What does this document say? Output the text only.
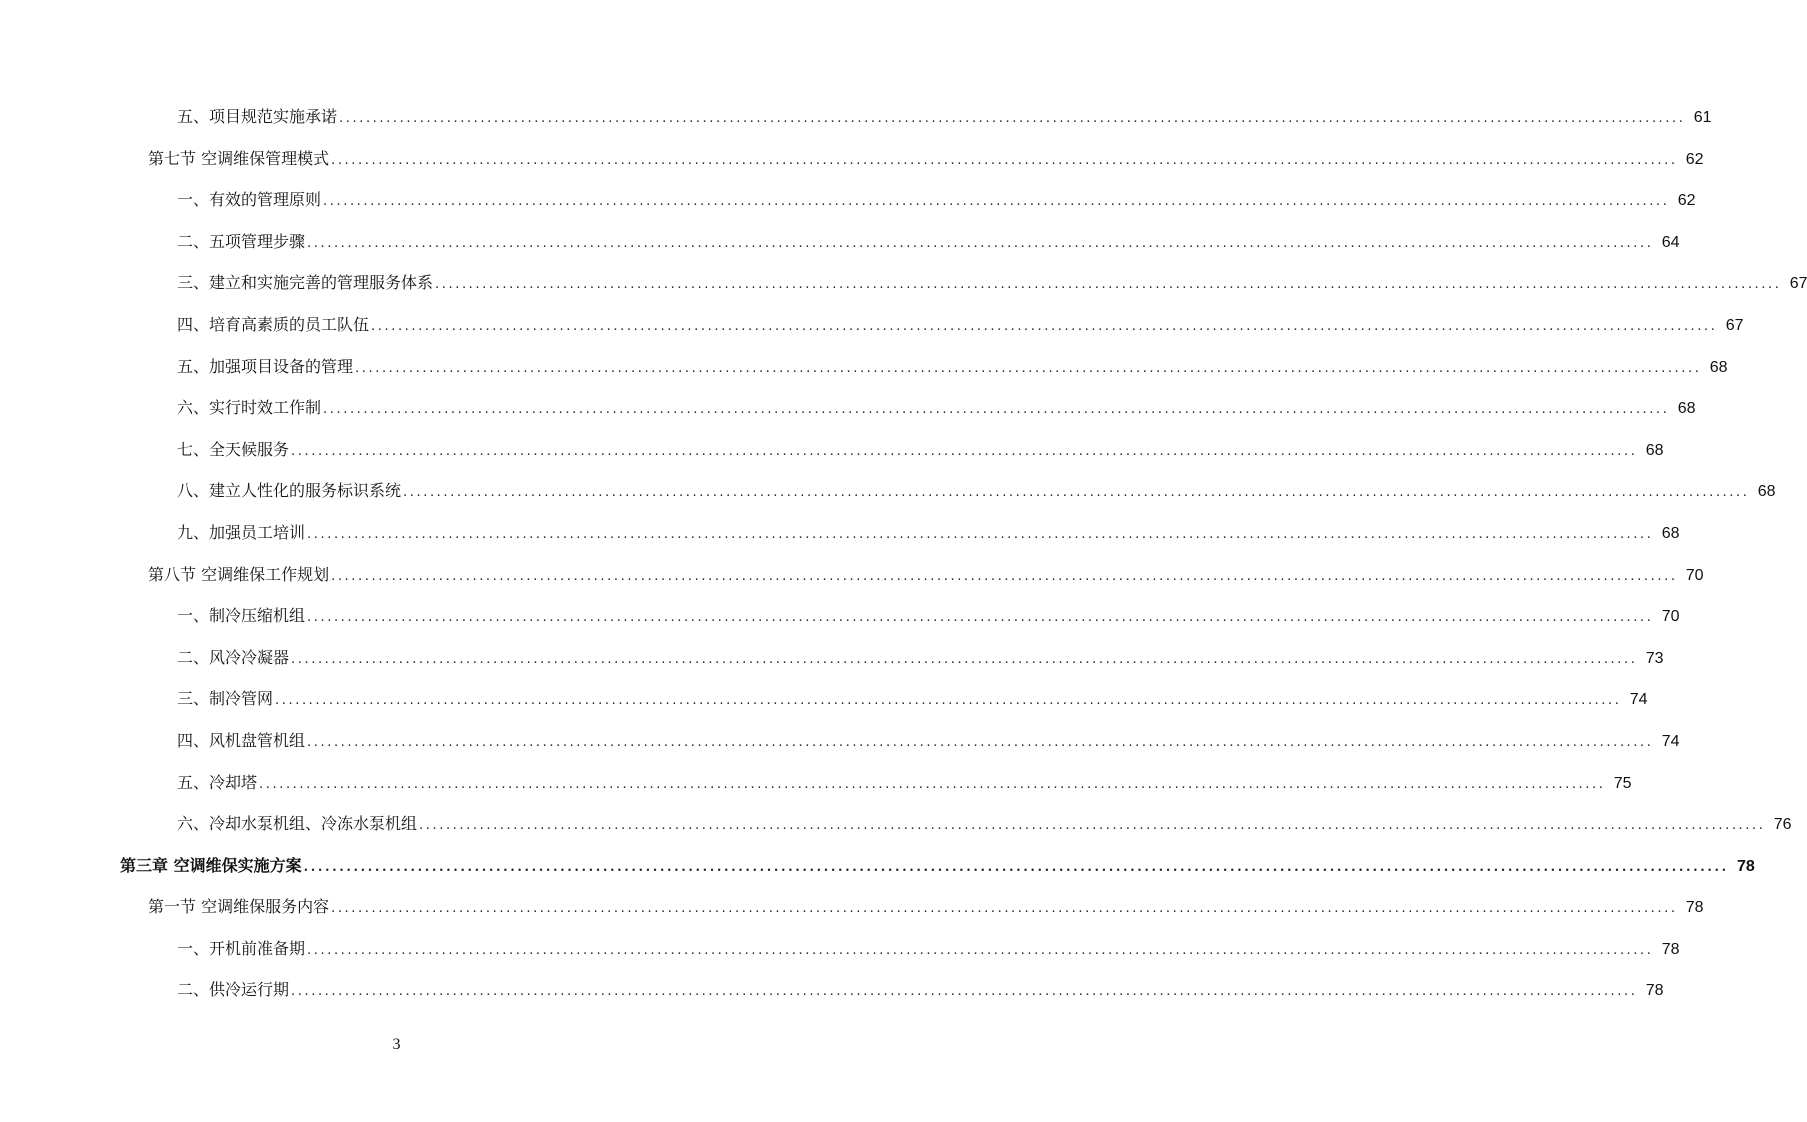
五、项目规范实施承诺 ........................................................................................................................................................................................................ 61
第七节 空调维保管理模式 ........................................................................................................................................................................................................ 62
一、有效的管理原则 ........................................................................................................................................................................................................ 62
二、五项管理步骤 ........................................................................................................................................................................................................ 64
三、建立和实施完善的管理服务体系 ........................................................................................................................................................................................................ 67
四、培育高素质的员工队伍 ........................................................................................................................................................................................................ 67
五、加强项目设备的管理 ........................................................................................................................................................................................................ 68
六、实行时效工作制 ........................................................................................................................................................................................................ 68
七、全天候服务 ........................................................................................................................................................................................................ 68
八、建立人性化的服务标识系统 ........................................................................................................................................................................................................ 68
九、加强员工培训 ........................................................................................................................................................................................................ 68
第八节 空调维保工作规划 ........................................................................................................................................................................................................ 70
一、制冷压缩机组 ........................................................................................................................................................................................................ 70
二、风冷冷凝器 ........................................................................................................................................................................................................ 73
三、制冷管网 ........................................................................................................................................................................................................ 74
四、风机盘管机组 ........................................................................................................................................................................................................ 74
五、冷却塔 ........................................................................................................................................................................................................ 75
六、冷却水泵机组、冷冻水泵机组 ........................................................................................................................................................................................................ 76
第三章 空调维保实施方案 ........................................................................................................................................................................................................ 78
第一节 空调维保服务内容 ........................................................................................................................................................................................................ 78
一、开机前准备期 ........................................................................................................................................................................................................ 78
二、供冷运行期 ........................................................................................................................................................................................................ 78
3
